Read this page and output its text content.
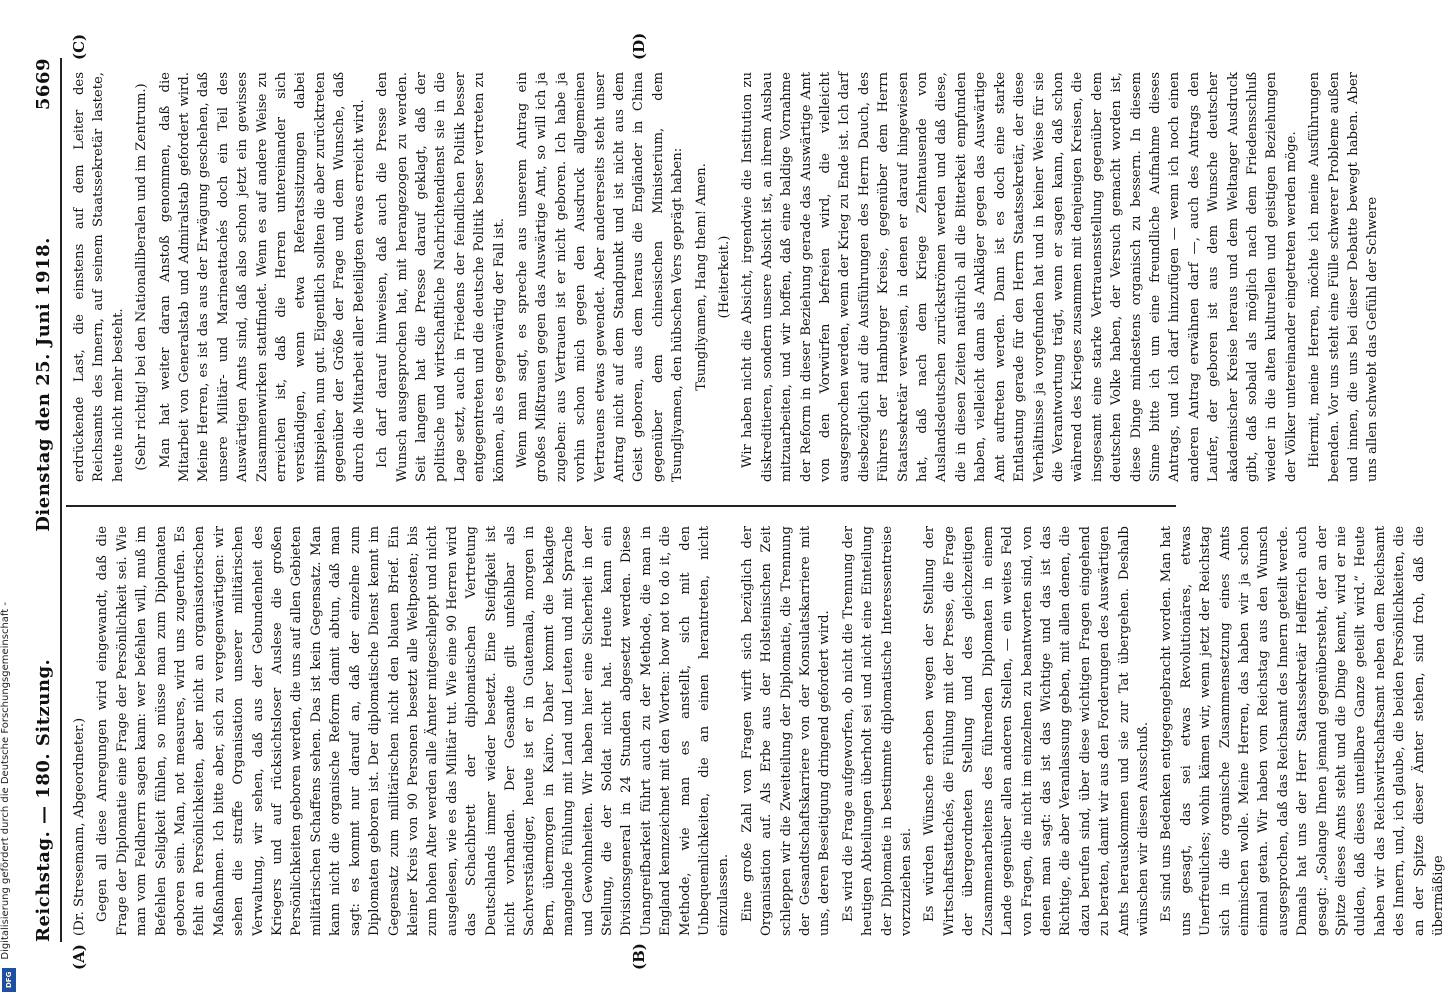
Reichstag. — 180. Sitzung.
Dienstag den 25. Juni 1918.
5669
(A)	(B)
(C)	(D)

(Dr. Stresemann, Abgeordneter.) Gegen all diese Anregungen wird eingewandt, daß die Frage der Diplomatie eine Frage der Persönlichkeit sei. Wie man vom Feldherrn sagen kann: wer befehlen will, muß im Befehlen Seligkeit fühlen, so müsse man zum Diplomaten geboren sein. Man, not measures, wird uns zugerufen. Es fehlt an Persönlichkeiten, aber nicht an organisatorischen Maßnahmen. Ich bitte aber, sich zu vergegenwärtigen: wir sehen die straffe Organisation unserer militärischen Verwaltung, wir sehen, daß aus der Gebundenheit des Kriegers und auf rücksichtsloser Auslese die großen Persönlichkeiten geboren werden, die uns auf allen Gebieten militärischen Schaffens sehen. Das ist kein Gegensatz. Man kann nicht die organische Reform damit abtun, daß man sagt: es kommt nur darauf an, daß der einzelne zum Diplomaten geboren ist. Der diplomatische Dienst kennt im Gegensatz zum militärischen nicht den blauen Brief. Ein kleiner Kreis von 90 Personen besetzt alle Weltposten; bis zum hohen Alter werden alle Ämter mitgeschleppt und nicht ausgelesen, wie es das Militär tut. Wie eine 90 Herren wird das Schachbrett der diplomatischen Vertretung Deutschlands immer wieder besetzt. Eine Steifigkeit ist nicht vorhanden. Der Gesandte gilt unfehlbar als Sachverständiger, heute ist er in Guatemala, morgen in Bern, übermorgen in Kairo. Daher kommt die beklagte mangelnde Fühlung mit Land und Leuten und mit Sprache und Gewohnheiten. Wir haben hier eine Sicherheit in der Stellung, die der Soldat nicht hat. Heute kann ein Divisionsgeneral in 24 Stunden abgesetzt werden. Diese Unangreifbarkeit führt auch zu der Methode, die man in England kennzeichnet mit den Worten: how not to do it, die Methode, wie man es anstellt, sich mit den Unbequemlichkeiten, die an einen herantreten, nicht einzulassen. Eine große Zahl von Fragen wirft sich bezüglich der Organisation auf. Als Erbe aus der Holsteinischen Zeit schleppen wir die Zweiteilung der Diplomatie, die Trennung der Gesandtschaftskarriere von der Konsulatskarriere mit uns, deren Beseitigung dringend gefordert wird. Es wird die Frage aufgeworfen, ob nicht die Trennung der heutigen Abteilungen überholt sei und nicht eine Einteilung der Diplomatie in bestimmte diplomatische Interessentreise vorzuziehen sei. Es würden Wünsche erhoben wegen der Stellung der Wirtschaftsattachés, die Fühlung mit der Presse, die Frage der übergeordneten Stellung und des gleichzeitigen Zusammenarbeitens des führenden Diplomaten in einem Lande gegenüber allen anderen Stellen, — ein weites Feld von Fragen, die nicht im einzelnen zu beantworten sind, von denen man sagt: das ist das Wichtige und das ist das Richtige, die aber Veranlassung geben, mit allen denen, die dazu berufen sind, über diese wichtigen Fragen eingehend zu beraten, damit wir aus den Forderungen des Auswärtigen Amts herauskommen und sie zur Tat übergehen. Deshalb wünschen wir diesen Ausschuß. Es sind uns Bedenken entgegengebracht worden. Man hat uns gesagt, das sei etwas Revolutionäres, etwas Unerfreuliches; wohin kämen wir, wenn jetzt der Reichstag sich in die organische Zusammensetzung eines Amts einmischen wolle. Meine Herren, das haben wir ja schon einmal getan. Wir haben vom Reichstag aus den Wunsch ausgesprochen, daß das Reichsamt des Innern geteilt werde. Damals hat uns der Herr Staatssekretär Helfferich auch gesagt: „Solange Ihnen jemand gegenübersteht, der an der Spitze dieses Amts steht und die Dinge kennt, wird er nie dulden, daß dieses unteilbare Ganze geteilt wird.“ Heute haben wir das Reichswirtschaftsamt neben dem Reichsamt des Innern, und, ich glaube, die beiden Persönlichkeiten, die an der Spitze dieser Ämter stehen, sind froh, daß die übermäßige

erdrückende Last, die einstens auf dem Leiter des Reichsamts des Innern, auf seinem Staatssekretär lastete, heute nicht mehr besteht. (Sehr richtig! bei den Nationalliberalen und im Zentrum.) Man hat weiter daran Anstoß genommen, daß die Mitarbeit von Generalstab und Admiralstab gefordert wird. Meine Herren, es ist das aus der Erwägung geschehen, daß unsere Militär- und Marineattachés doch ein Teil des Auswärtigen Amts sind, daß also schon jetzt ein gewisses Zusammenwirken stattfindet. Wenn es auf andere Weise zu erreichen ist, daß die Herren untereinander sich verständigen, wenn etwa Referatssitzungen dabei mitspielen, nun gut. Eigentlich sollten die aber zurücktreten gegenüber der Größe der Frage und dem Wunsche, daß durch die Mitarbeit aller Beteiligten etwas erreicht wird. Ich darf darauf hinweisen, daß auch die Presse den Wunsch ausgesprochen hat, mit herangezogen zu werden. Seit langem hat die Presse darauf geklagt, daß der politische und wirtschaftliche Nachrichtendienst sie in die Lage setzt, auch in Friedens der feindlichen Politik besser entgegentreten und die deutsche Politik besser vertreten zu können, als es gegenwärtig der Fall ist. Wenn man sagt, es spreche aus unserem Antrag ein großes Mißtrauen gegen das Auswärtige Amt, so will ich ja zugeben: aus Vertrauen ist er nicht geboren. Ich habe ja vorhin schon mich gegen den Ausdruck allgemeinen Vertrauens etwas gewendet. Aber andererseits steht unser Antrag nicht auf dem Standpunkt und ist nicht aus dem Geist geboren, aus dem heraus die Engländer in China gegenüber dem chinesischen Ministerium, dem Tsungliyamen, den hübschen Vers geprägt haben: Tsungliyamen, Hang them! Amen. (Heiterkeit.) Wir haben nicht die Absicht, irgendwie die Institution zu diskreditieren, sondern unsere Absicht ist, an ihrem Ausbau mitzuarbeiten, und wir hoffen, daß eine baldige Vornahme der Reform in dieser Beziehung gerade das Auswärtige Amt von den Vorwürfen befreien wird, die vielleicht ausgesprochen werden, wenn der Krieg zu Ende ist. Ich darf diesbezüglich auf die Ausführungen des Herrn Dauch, des Führers der Hamburger Kreise, gegenüber dem Herrn Staatssekretär verweisen, in denen er darauf hingewiesen hat, daß nach dem Kriege Zehntausende von Auslandsdeutschen zurückströmen werden und daß diese, die in diesen Zeiten natürlich all die Bitterkeit empfunden haben, vielleicht dann als Ankläger gegen das Auswärtige Amt auftreten werden. Dann ist es doch eine starke Entlastung gerade für den Herrn Staatssekretär, der diese Verhältnisse ja vorgefunden hat und in keiner Weise für sie die Verantwortung trägt, wenn er sagen kann, daß schon während des Krieges zusammen mit denjenigen Kreisen, die insgesamt eine starke Vertrauensstellung gegenüber dem deutschen Volke haben, der Versuch gemacht worden ist, diese Dinge mindestens organisch zu bessern. In diesem Sinne bitte ich um eine freundliche Aufnahme dieses Antrags, und ich darf hinzufügen — wenn ich noch einen anderen Antrag erwähnen darf —, auch des Antrags den Laufer, der geboren ist aus dem Wunsche deutscher akademischer Kreise heraus und dem Weltanger Ausdruck gibt, daß sobald als möglich nach dem Friedensschluß wieder in die alten kulturellen und geistigen Beziehungen der Völker untereinander eingetreten werden möge. Hiermit, meine Herren, möchte ich meine Ausführungen beenden. Vor uns steht eine Fülle schwerer Probleme außen und innen, die uns bei dieser Debatte bewegt haben. Aber uns allen schwebt das Gefühl der Schwere

Digitalisierung gefördert durch die Deutsche Forschungsgemeinschaft -
DFG
